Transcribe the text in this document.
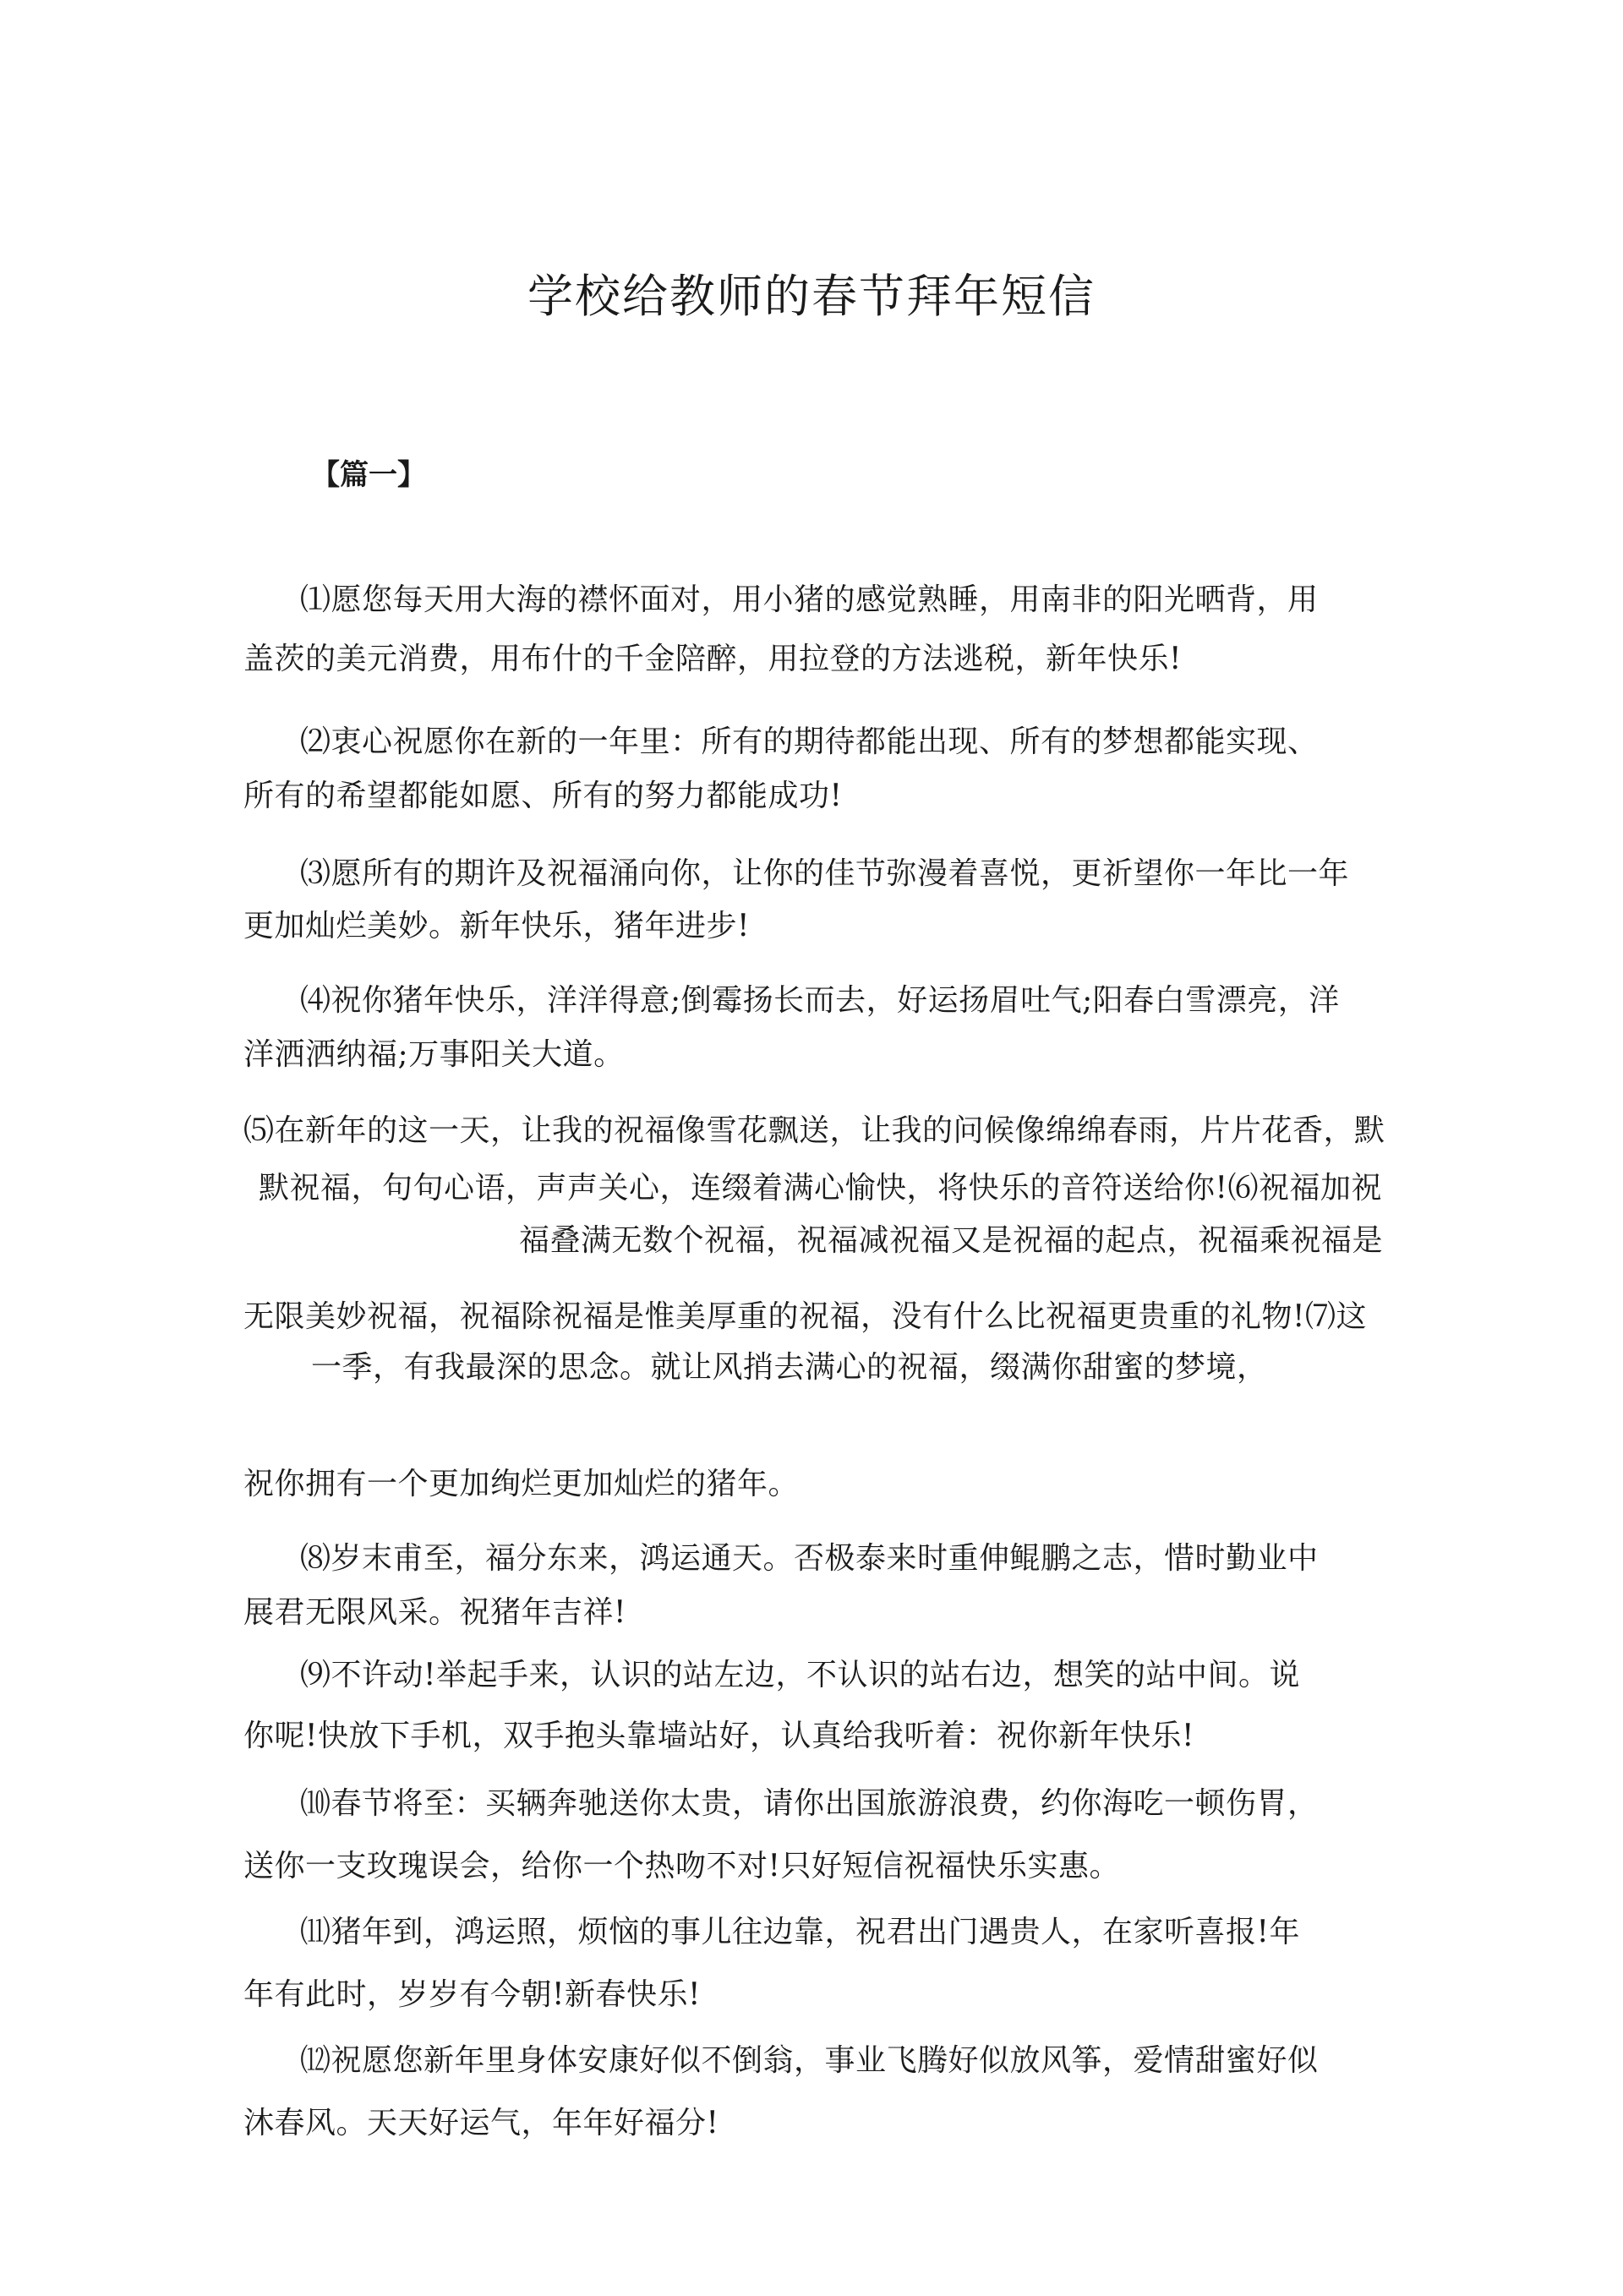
学校给教师的春节拜年短信
【篇一】
⑴愿您每天用大海的襟怀面对，用小猪的感觉熟睡，用南非的阳光晒背，用
盖茨的美元消费，用布什的千金陪醉，用拉登的方法逃税，新年快乐!
⑵衷心祝愿你在新的一年里：所有的期待都能出现、所有的梦想都能实现、
所有的希望都能如愿、所有的努力都能成功!
⑶愿所有的期许及祝福涌向你，让你的佳节弥漫着喜悦，更祈望你一年比一年
更加灿烂美妙。新年快乐，猪年进步!
⑷祝你猪年快乐，洋洋得意;倒霉扬长而去，好运扬眉吐气;阳春白雪漂亮，洋
洋洒洒纳福;万事阳关大道。
⑸在新年的这一天，让我的祝福像雪花飘送，让我的问候像绵绵春雨，片片花香，默
默祝福，句句心语，声声关心，连缀着满心愉快，将快乐的音符送给你!⑹祝福加祝
福叠满无数个祝福，祝福减祝福又是祝福的起点，祝福乘祝福是
无限美妙祝福，祝福除祝福是惟美厚重的祝福，没有什么比祝福更贵重的礼物!⑺这
一季，有我最深的思念。就让风捎去满心的祝福，缀满你甜蜜的梦境，
祝你拥有一个更加绚烂更加灿烂的猪年。
⑻岁末甫至，福分东来，鸿运通天。否极泰来时重伸鲲鹏之志，惜时勤业中
展君无限风采。祝猪年吉祥!
⑼不许动!举起手来，认识的站左边，不认识的站右边，想笑的站中间。说
你呢!快放下手机，双手抱头靠墙站好，认真给我听着：祝你新年快乐!
⑽春节将至：买辆奔驰送你太贵，请你出国旅游浪费，约你海吃一顿伤胃，
送你一支玫瑰误会，给你一个热吻不对!只好短信祝福快乐实惠。
⑾猪年到，鸿运照，烦恼的事儿往边靠，祝君出门遇贵人，在家听喜报!年
年有此时，岁岁有今朝!新春快乐!
⑿祝愿您新年里身体安康好似不倒翁，事业飞腾好似放风筝，爱情甜蜜好似
沐春风。天天好运气，年年好福分!
